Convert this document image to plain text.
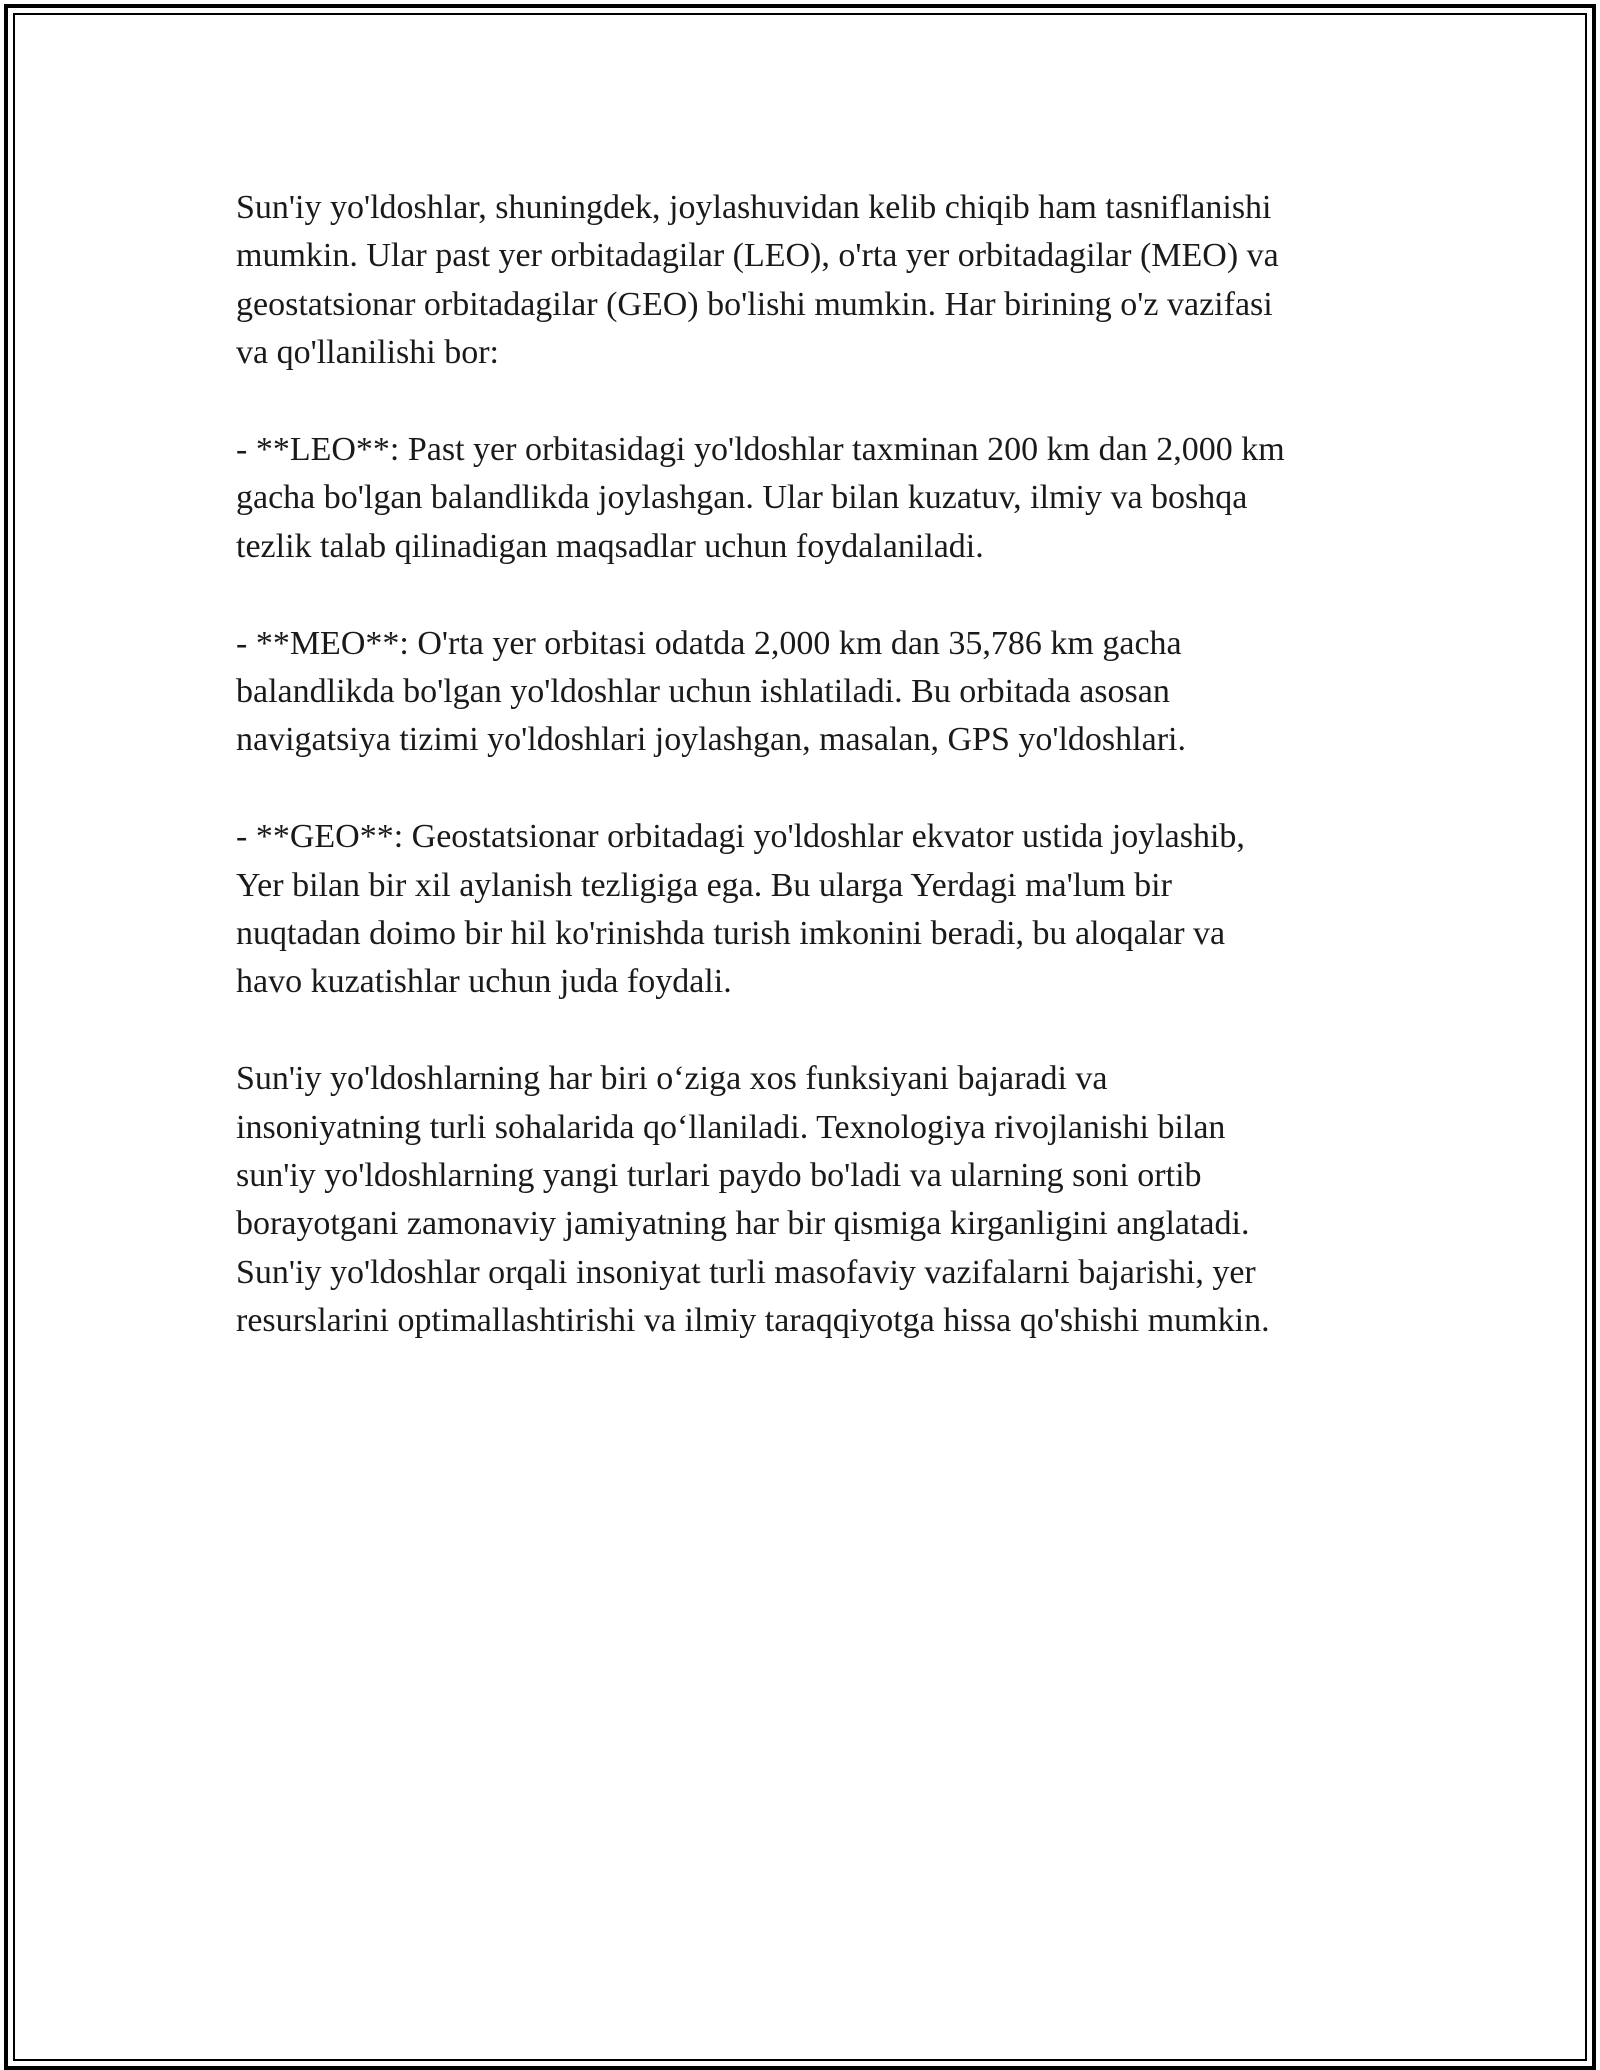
Sun'iy yo'ldoshlar, shuningdek, joylashuvidan kelib chiqib ham tasniflanishi
mumkin. Ular past yer orbitadagilar (LEO), o'rta yer orbitadagilar (MEO) va
geostatsionar orbitadagilar (GEO) bo'lishi mumkin. Har birining o'z vazifasi
va qo'llanilishi bor:

- **LEO**: Past yer orbitasidagi yo'ldoshlar taxminan 200 km dan 2,000 km
gacha bo'lgan balandlikda joylashgan. Ular bilan kuzatuv, ilmiy va boshqa
tezlik talab qilinadigan maqsadlar uchun foydalaniladi.

- **MEO**: O'rta yer orbitasi odatda 2,000 km dan 35,786 km gacha
balandlikda bo'lgan yo'ldoshlar uchun ishlatiladi. Bu orbitada asosan
navigatsiya tizimi yo'ldoshlari joylashgan, masalan, GPS yo'ldoshlari.

- **GEO**: Geostatsionar orbitadagi yo'ldoshlar ekvator ustida joylashib,
Yer bilan bir xil aylanish tezligiga ega. Bu ularga Yerdagi ma'lum bir
nuqtadan doimo bir hil ko'rinishda turish imkonini beradi, bu aloqalar va
havo kuzatishlar uchun juda foydali.

Sun'iy yo'ldoshlarning har biri o‘ziga xos funksiyani bajaradi va
insoniyatning turli sohalarida qo‘llaniladi. Texnologiya rivojlanishi bilan
sun'iy yo'ldoshlarning yangi turlari paydo bo'ladi va ularning soni ortib
borayotgani zamonaviy jamiyatning har bir qismiga kirganligini anglatadi.
Sun'iy yo'ldoshlar orqali insoniyat turli masofaviy vazifalarni bajarishi, yer
resurslarini optimallashtirishi va ilmiy taraqqiyotga hissa qo'shishi mumkin.
